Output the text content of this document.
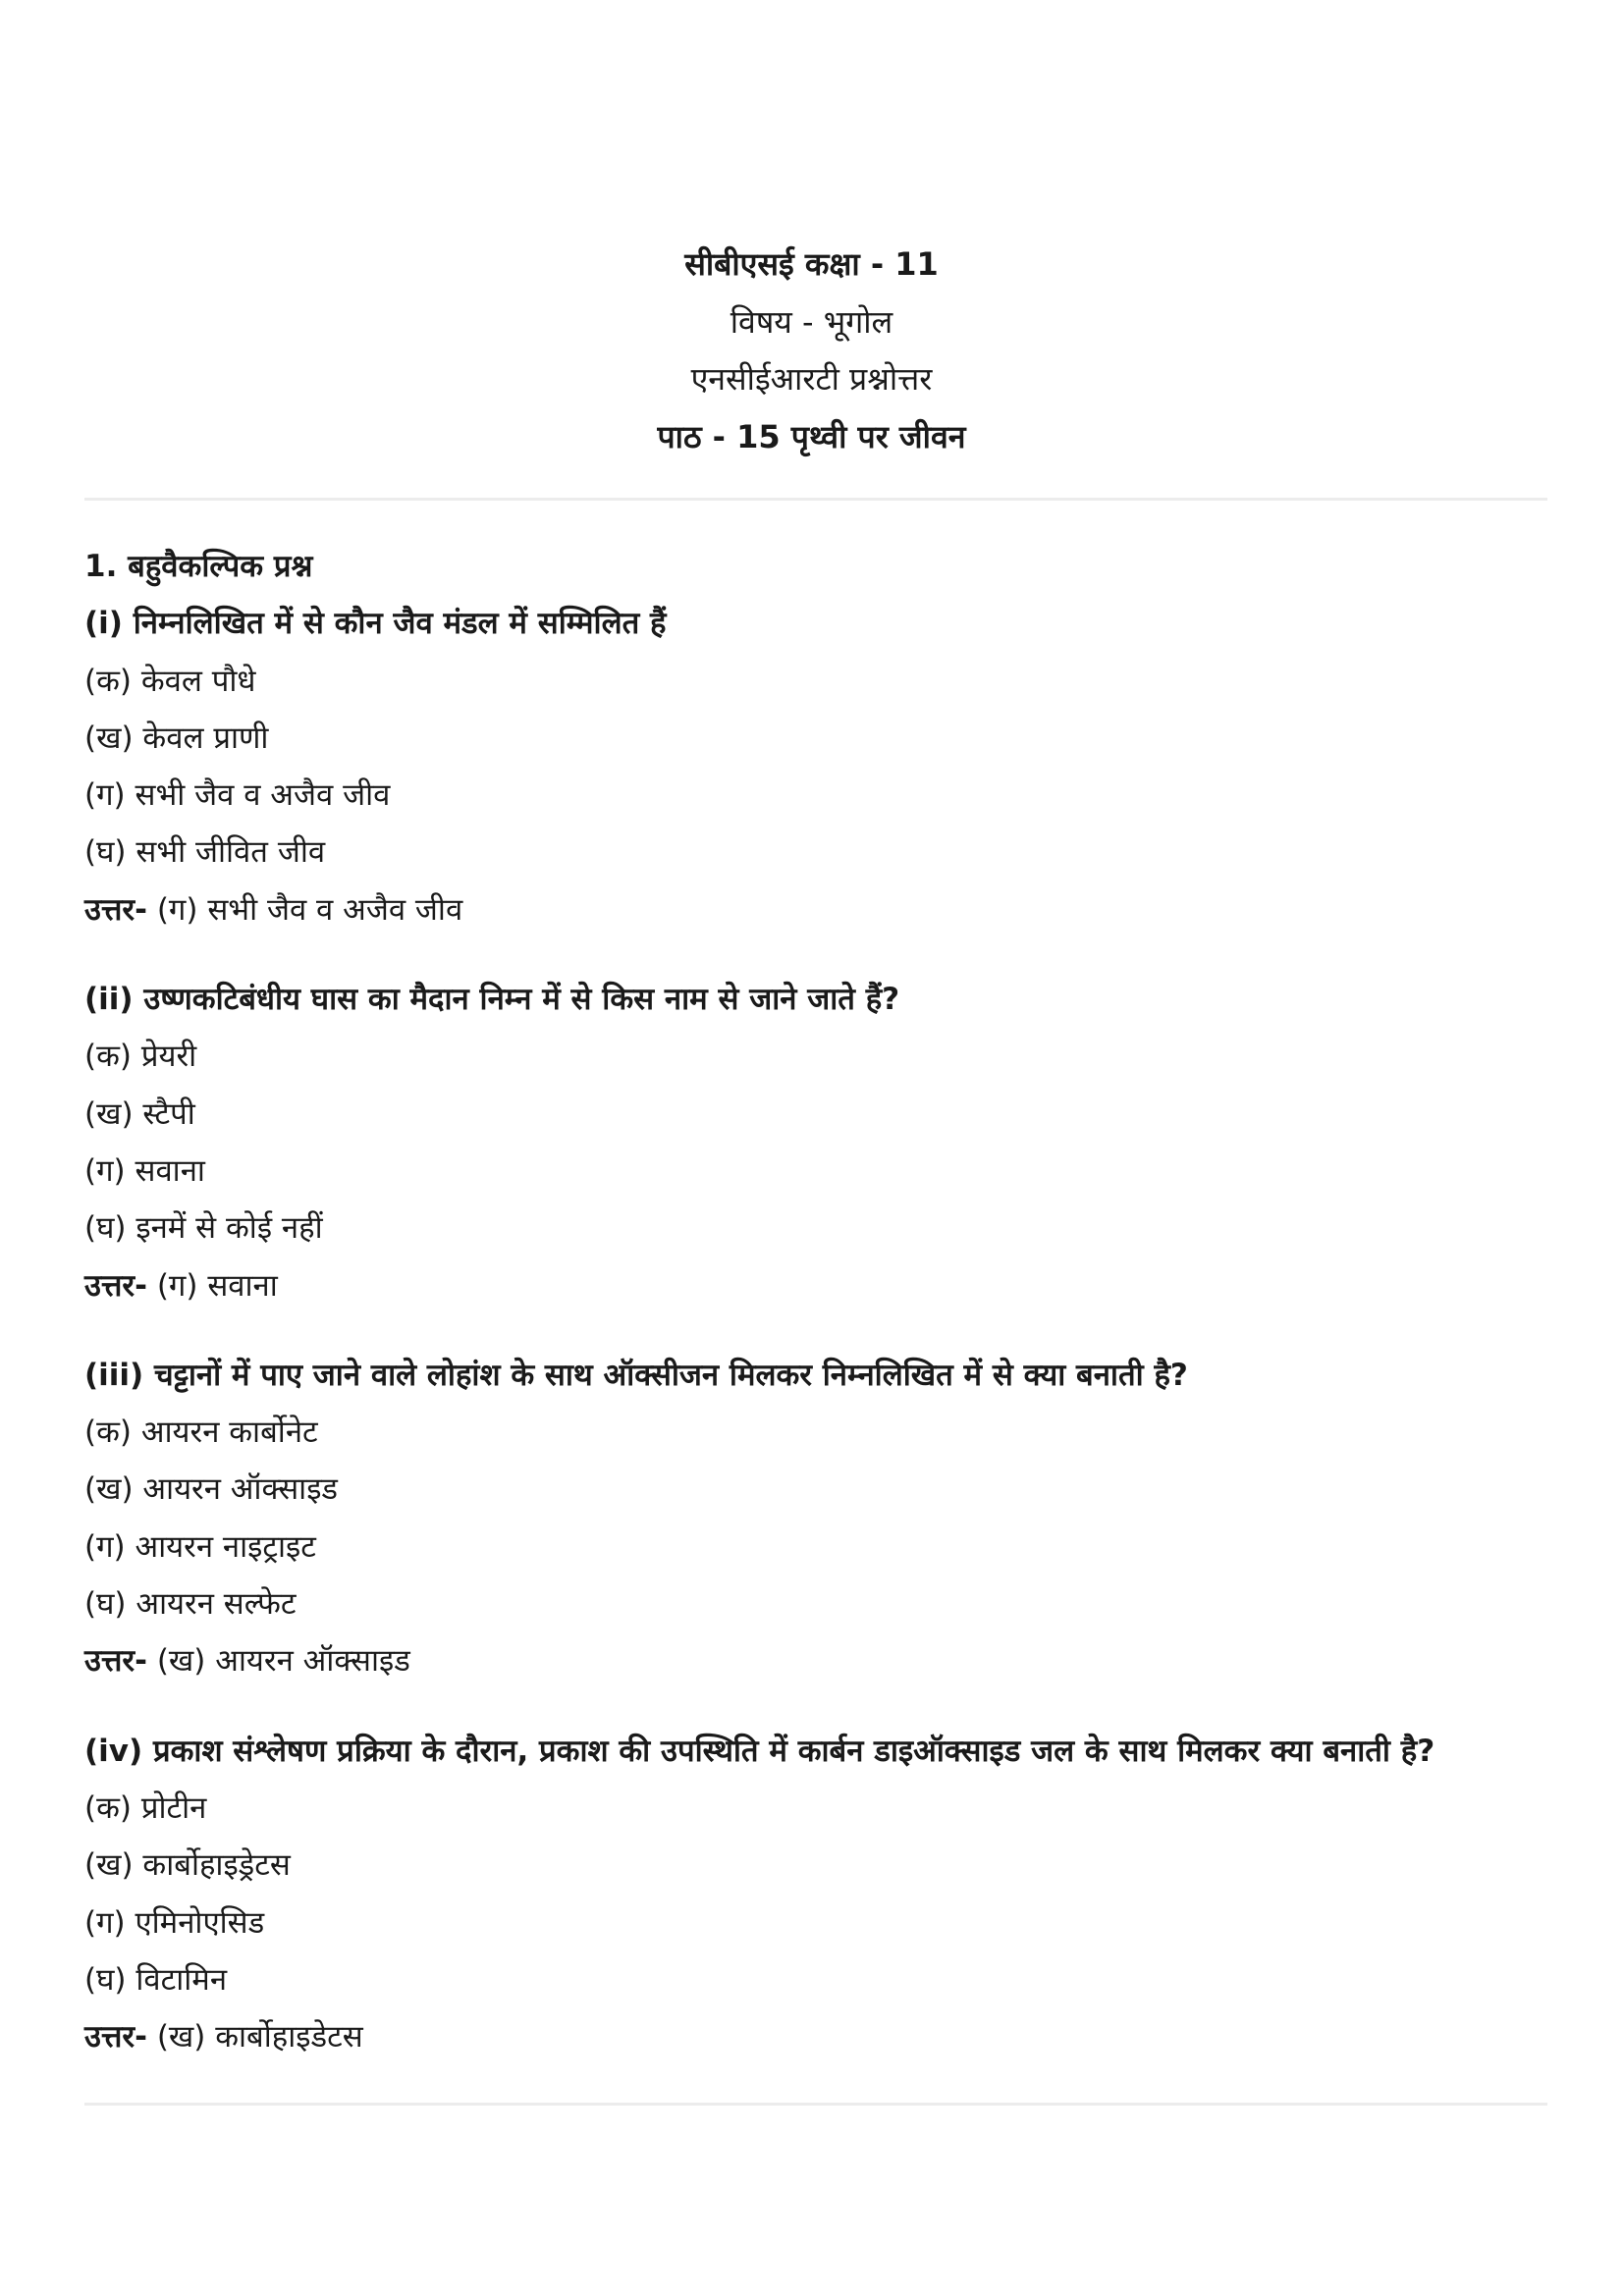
सीबीएसई कक्षा - 11
विषय - भूगोल
एनसीईआरटी प्रश्नोत्तर
पाठ - 15 पृथ्वी पर जीवन
1. बहुवैकल्पिक प्रश्न
(i) निम्नलिखित में से कौन जैव मंडल में सम्मिलित हैं
(क) केवल पौधे
(ख) केवल प्राणी
(ग) सभी जैव व अजैव जीव
(घ) सभी जीवित जीव
उत्तर- (ग) सभी जैव व अजैव जीव
(ii) उष्णकटिबंधीय घास का मैदान निम्न में से किस नाम से जाने जाते हैं?
(क) प्रेयरी
(ख) स्टैपी
(ग) सवाना
(घ) इनमें से कोई नहीं
उत्तर- (ग) सवाना
(iii) चट्टानों में पाए जाने वाले लोहांश के साथ ऑक्सीजन मिलकर निम्नलिखित में से क्या बनाती है?
(क) आयरन कार्बोनेट
(ख) आयरन ऑक्साइड
(ग) आयरन नाइट्राइट
(घ) आयरन सल्फेट
उत्तर- (ख) आयरन ऑक्साइड
(iv) प्रकाश संश्लेषण प्रक्रिया के दौरान, प्रकाश की उपस्थिति में कार्बन डाइऑक्साइड जल के साथ मिलकर क्या बनाती है?
(क) प्रोटीन
(ख) कार्बोहाइड्रेटस
(ग) एमिनोएसिड
(घ) विटामिन
उत्तर- (ख) कार्बोहाइडेटस
